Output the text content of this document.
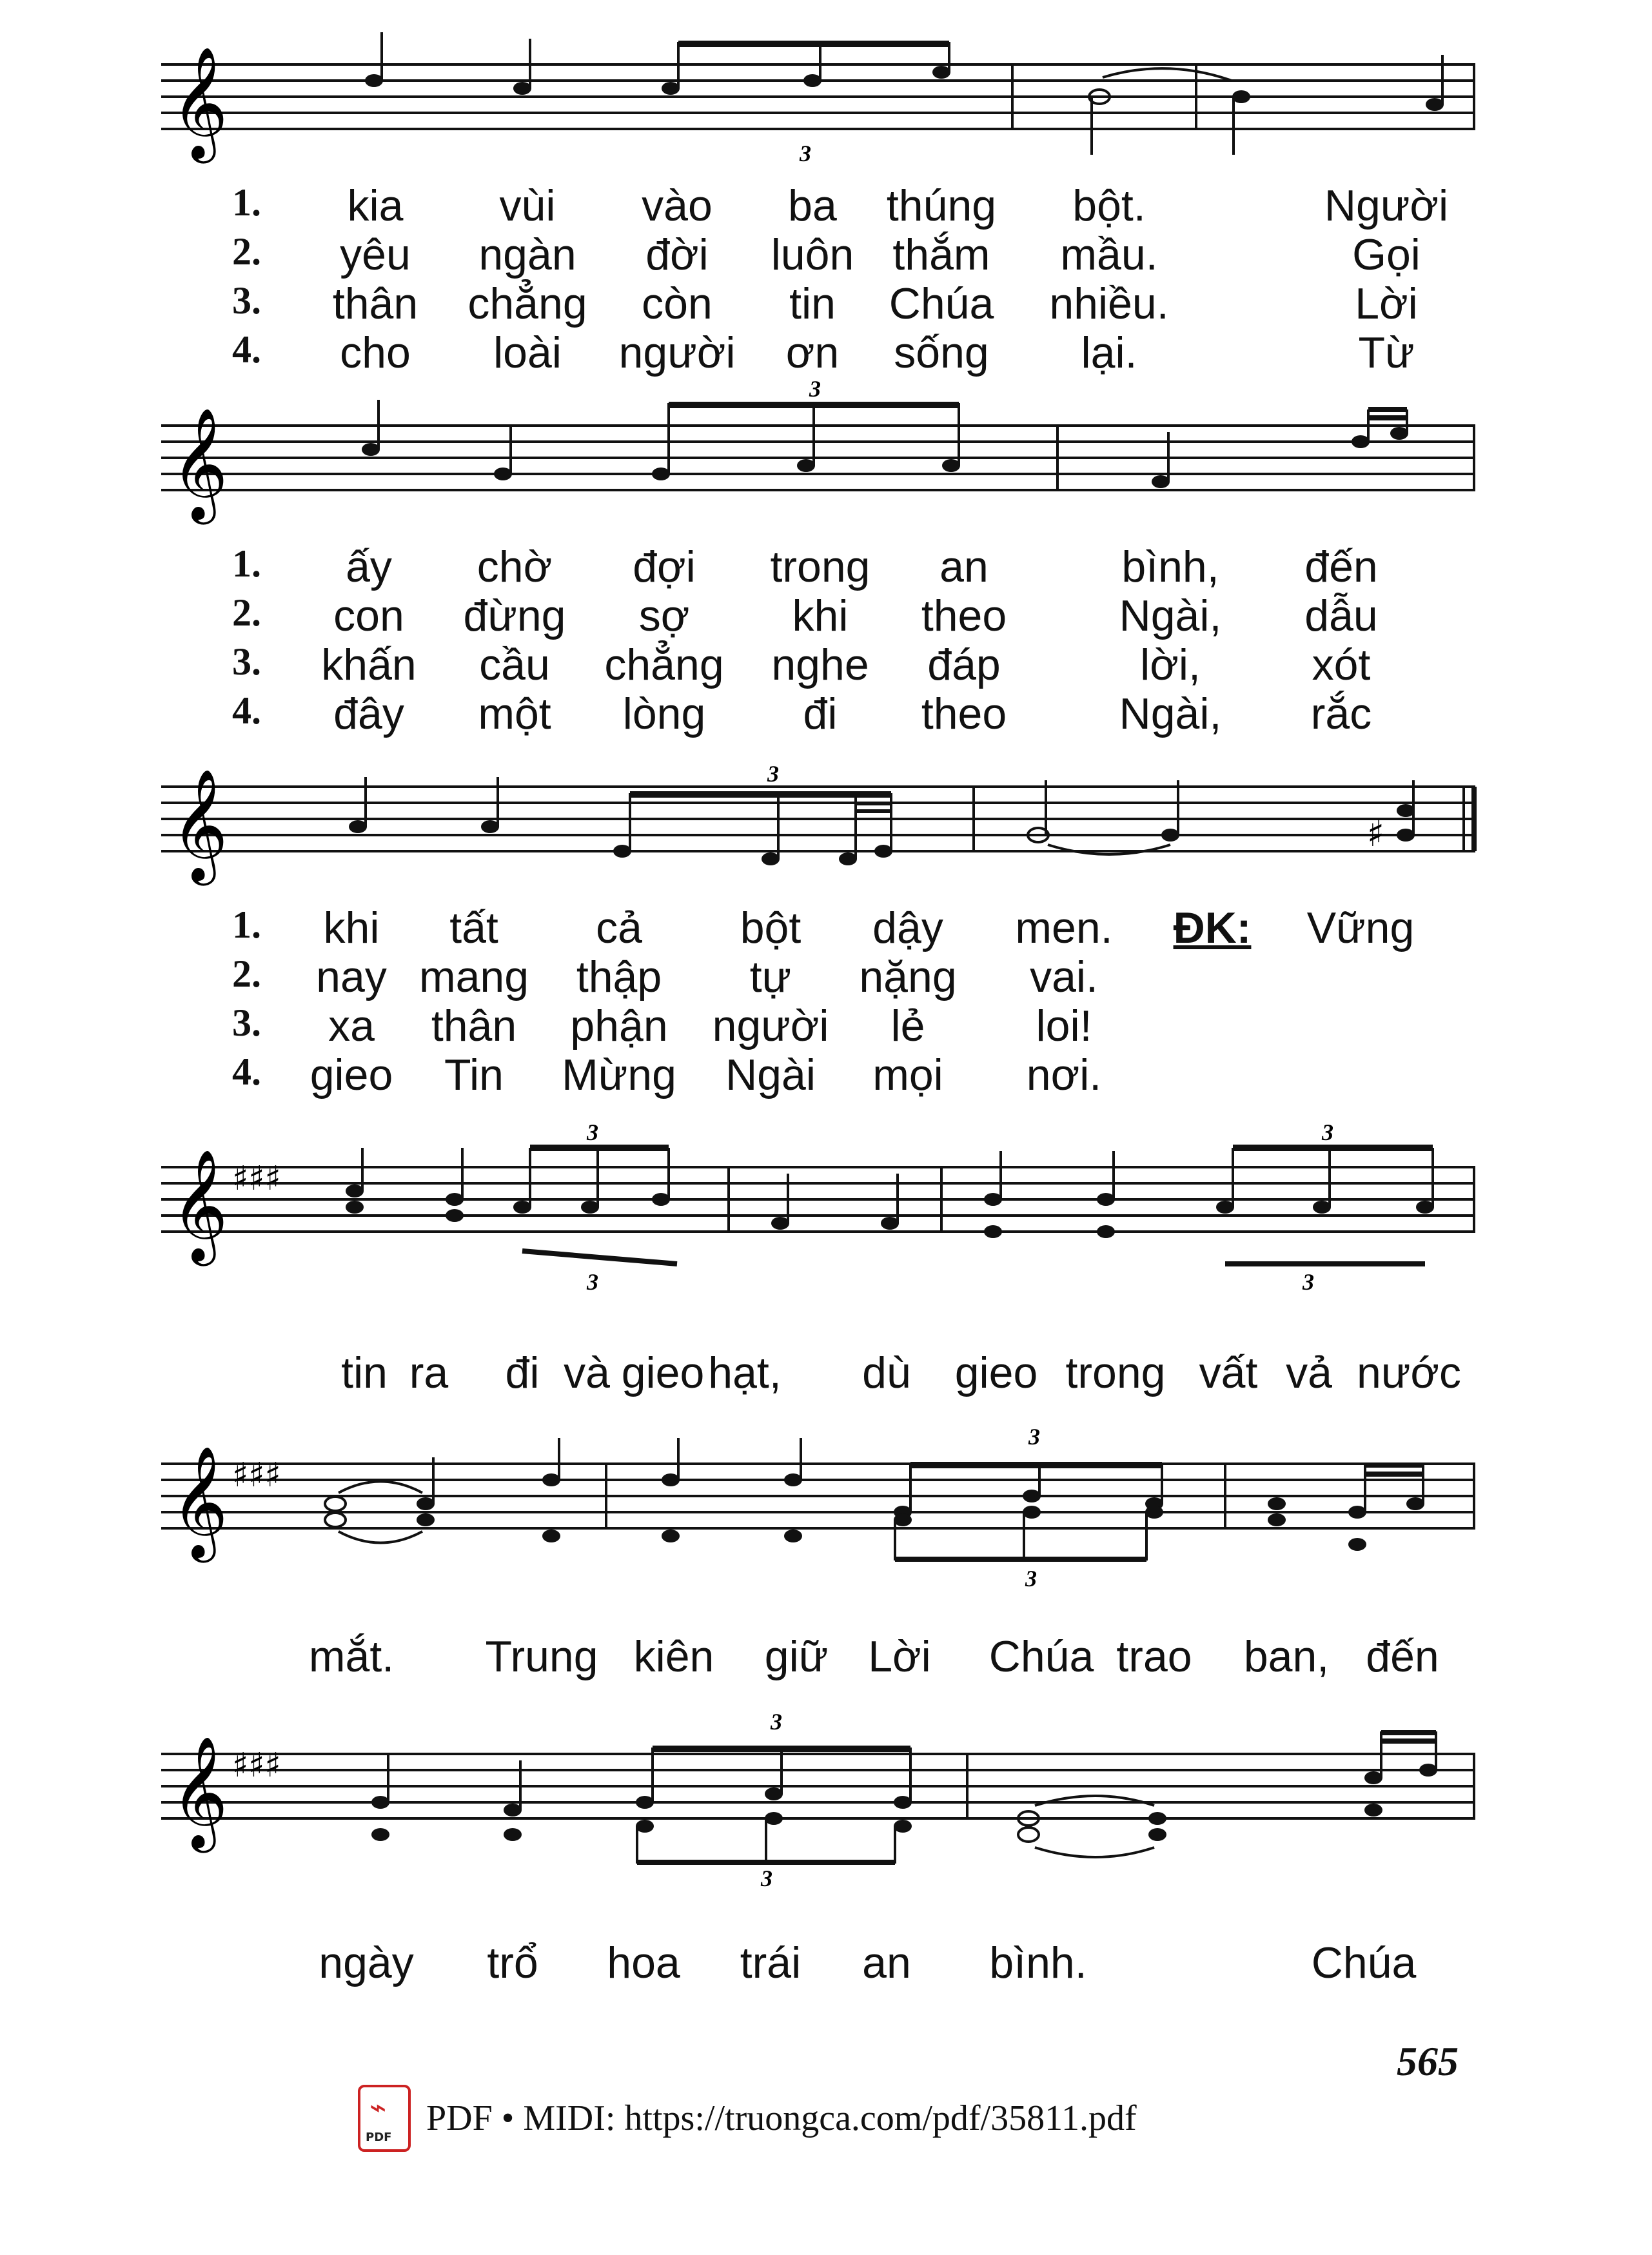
𝄞	3
1. kia vùi vào ba thúng bột.	Người
2. yêu ngàn đời luôn thắm mầu.	Gọi
3. thân chẳng còn tin Chúa nhiều.	Lời
4. cho loài người ơn sống lại.	Từ
𝄞
3
1. ấy chờ đợi trong an	bình, đến
2. con đừng sợ khi theo	Ngài, dẫu
3. khấn cầu chẳng nghe đáp	lời,	xót
4. đây một lòng đi theo	Ngài, rắc
𝄞	3
♯
1. khi tất cả bột dậy men. ĐK: Vững
2. nay mang thập tự nặng vai.
3. xa thân phận người lẻ	loi!
4. gieo Tin Mừng Ngài mọi nơi.
𝄞 ♯♯♯
3	3
3	3
tin ra đi và gieo hạt, dù gieo trong vất vả nước
𝄞 ♯♯♯
3
3
mắt. Trung kiên giữ Lời Chúa trao ban, đến
𝄞 ♯♯♯
3
3
ngày trổ hoa trái an bình.	Chúa
565
⌁
PDF PDF • MIDI: https://truongca.com/pdf/35811.pdf
